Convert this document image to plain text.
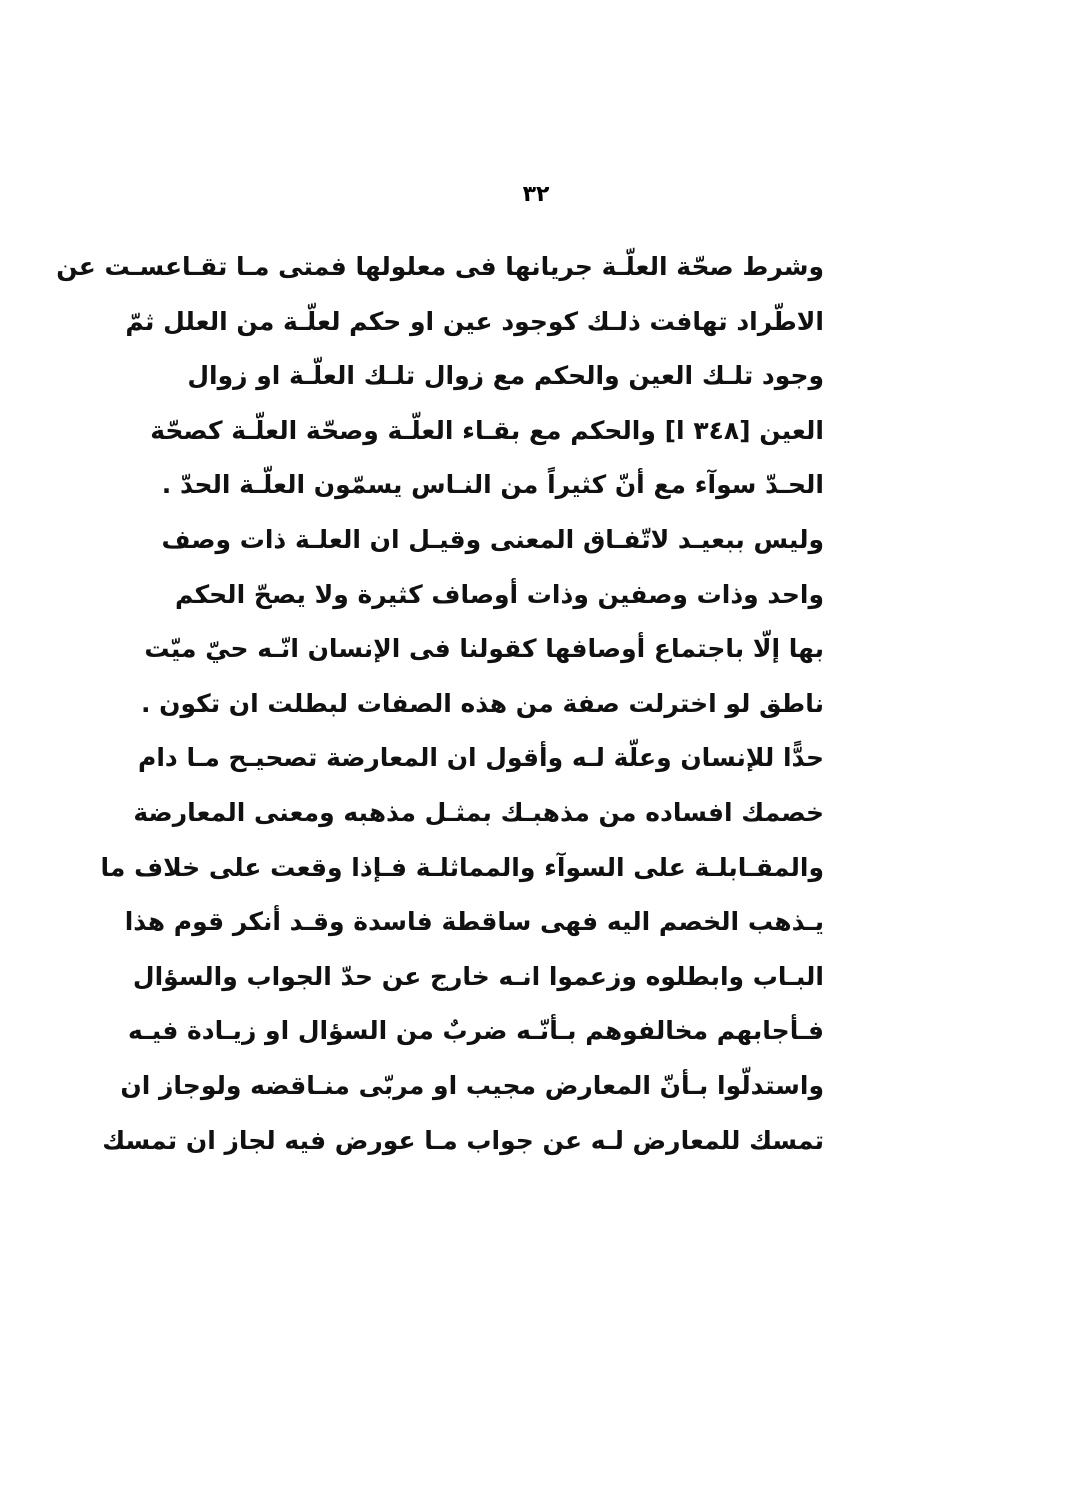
٣٢
وشرط صحّة العلّـة جريانها فى معلولها فمتى مـا تقـاعسـت عن
الاطّراد تهافت ذلـك كوجود عين او حكم لعلّـة من العلل ثمّ
وجود تلـك العين والحكم مع زوال تلـك العلّـة او زوال
العين [٣٤٨ ﺍ] والحكم مع بقـاء العلّـة وصحّة العلّـة كصحّة
الحـدّ سوآء مع أنّ كثيراً من النـاس يسمّون العلّـة الحدّ .
وليس ببعيـد لاتّفـاق المعنى وقيـل ان العلـة ذات وصف
واحد وذات وصفين وذات أوصاف كثيرة ولا يصحّ الحكم
بها إلّا باجتماع أوصافها كقولنا فى الإنسان انّـه حيّ ميّت
ناطق لو اخترلت صفة من هذه الصفات لبطلت ان تكون .
حدًّا للإنسان وعلّة لـه وأقول ان المعارضة تصحيـح مـا دام
خصمك افساده من مذهبـك بمثـل مذهبه ومعنى المعارضة
والمقـابلـة على السوآء والمماثلـة فـإذا وقعت على خلاف ما
يـذهب الخصم اليه فهى ساقطة فاسدة وقـد أنكر قوم هذا
البـاب وابطلوه وزعموا انـه خارج عن حدّ الجواب والسؤال
فـأجابهم مخالفوهم بـأنّـه ضربٌ من السؤال او زيـادة فيـه
واستدلّوا بـأنّ المعارض مجيب او مربّى منـاقضه ولوجاز ان
تمسك للمعارض لـه عن جواب مـا عورض فيه لجاز ان تمسك
